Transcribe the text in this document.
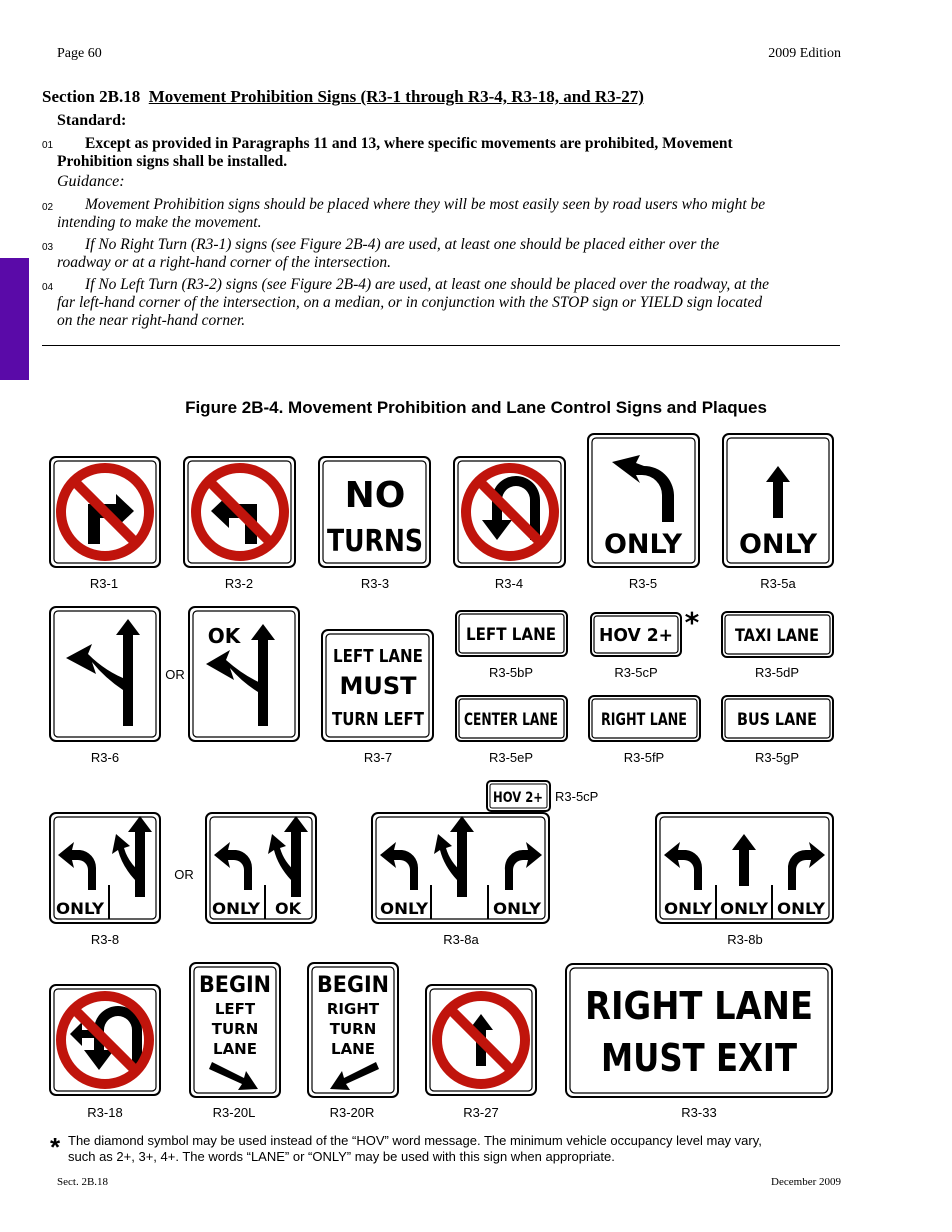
Page 60	2009 Edition
Section 2B.18 Movement Prohibition Signs (R3-1 through R3-4, R3-18, and R3-27)
Standard:
01	Except as provided in Paragraphs 11 and 13, where specific movements are prohibited, Movement
Prohibition signs shall be installed.
Guidance:
02	Movement Prohibition signs should be placed where they will be most easily seen by road users who might be
intending to make the movement.
03	If No Right Turn (R3-1) signs (see Figure 2B-4) are used, at least one should be placed either over the
roadway or at a right-hand corner of the intersection.
04	If No Left Turn (R3-2) signs (see Figure 2B-4) are used, at least one should be placed over the roadway, at the
far left-hand corner of the intersection, on a median, or in conjunction with the STOP sign or YIELD sign located
on the near right-hand corner.
Figure 2B-4. Movement Prohibition and Lane Control Signs and Plaques
NO
TURNS	ONLY ONLY
R3-1	R3-2	R3-3	R3-4	R3-5	R3-5a
OR
OK
LEFT LANE
MUST
TURN LEFT
LEFT LANE HOV 2+ * TAXI LANE
R3-5bP	R3-5cP	R3-5dP
CENTER LANE	RIGHT LANE	BUS LANE
R3-6	R3-7	R3-5eP	R3-5fP	R3-5gP
HOV 2+ R3-5cP
ONLY
OR
ONLY OK	ONLY	ONLY	ONLY ONLY ONLY
R3-8	R3-8a	R3-8b
BEGIN
LEFT
TURN
LANE
BEGIN
RIGHT
TURN
LANE
RIGHT LANE
MUST EXIT
R3-18	R3-20L	R3-20R	R3-27	R3-33
* The diamond symbol may be used instead of the “HOV” word message. The minimum vehicle occupancy level may vary,
such as 2+, 3+, 4+. The words “LANE” or “ONLY” may be used with this sign when appropriate.
Sect. 2B.18	December 2009
